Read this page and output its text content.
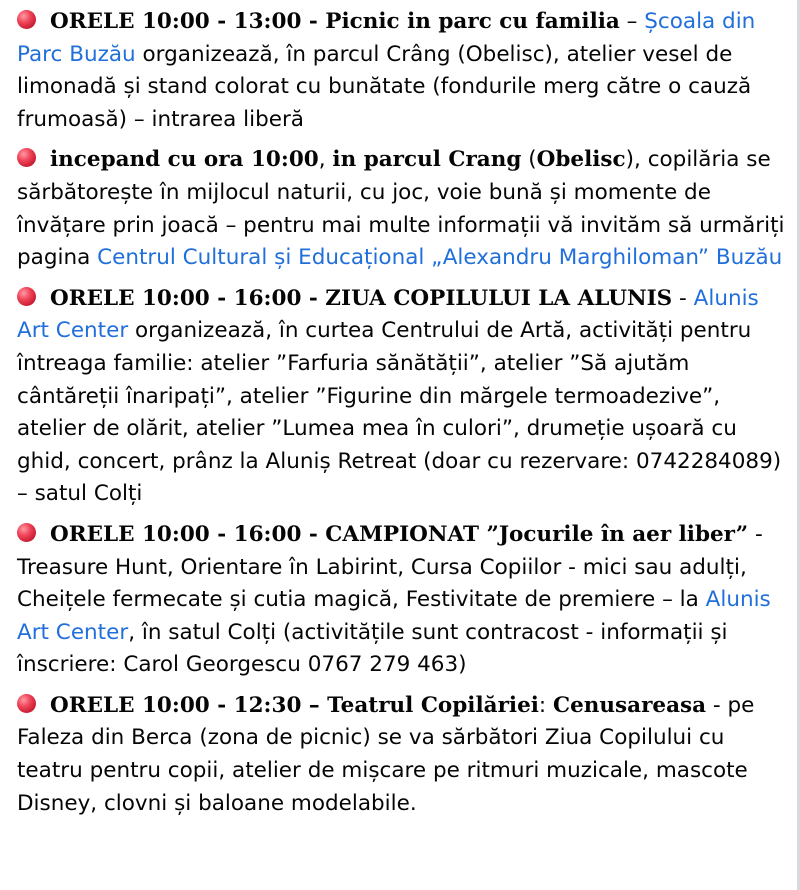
ORELE 10:00 - 13:00 - Picnic in parc cu familia – Școala din Parc Buzău organizează, în parcul Crâng (Obelisc), atelier vesel de limonadă și stand colorat cu bunătate (fondurile merg către o cauză frumoasă) – intrarea liberă

incepand cu ora 10:00, in parcul Crang (Obelisc), copilăria se sărbătorește în mijlocul naturii, cu joc, voie bună și momente de învățare prin joacă – pentru mai multe informații vă invităm să urmăriți pagina Centrul Cultural și Educațional „Alexandru Marghiloman” Buzău

ORELE 10:00 - 16:00 - ZIUA COPILULUI LA ALUNIS - Alunis Art Center organizează, în curtea Centrului de Artă, activități pentru întreaga familie: atelier ”Farfuria sănătății”, atelier ”Să ajutăm cântăreții înaripați”, atelier ”Figurine din mărgele termoadezive”, atelier de olărit, atelier ”Lumea mea în culori”, drumeție ușoară cu ghid, concert, prânz la Aluniș Retreat (doar cu rezervare: 0742284089) – satul Colți

ORELE 10:00 - 16:00 - CAMPIONAT ”Jocurile în aer liber” - Treasure Hunt, Orientare în Labirint, Cursa Copiilor - mici sau adulți, Cheițele fermecate și cutia magică, Festivitate de premiere – la Alunis Art Center, în satul Colți (activitățile sunt contracost - informații și înscriere: Carol Georgescu 0767 279 463)

ORELE 10:00 - 12:30 – Teatrul Copilăriei: Cenusareasa - pe Faleza din Berca (zona de picnic) se va sărbători Ziua Copilului cu teatru pentru copii, atelier de mișcare pe ritmuri muzicale, mascote Disney, clovni și baloane modelabile.
